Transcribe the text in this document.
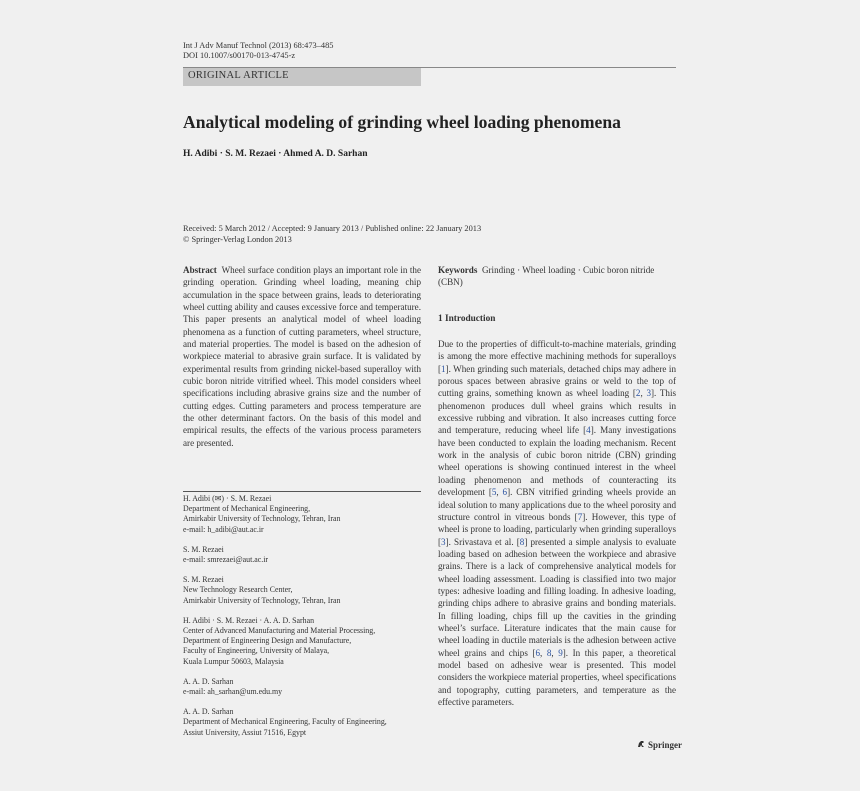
Int J Adv Manuf Technol (2013) 68:473–485
DOI 10.1007/s00170-013-4745-z
ORIGINAL ARTICLE
Analytical modeling of grinding wheel loading phenomena
H. Adibi · S. M. Rezaei · Ahmed A. D. Sarhan
Received: 5 March 2012 / Accepted: 9 January 2013 / Published online: 22 January 2013
© Springer-Verlag London 2013
Abstract Wheel surface condition plays an important role in the grinding operation. Grinding wheel loading, meaning chip accumulation in the space between grains, leads to deteriorating wheel cutting ability and causes excessive force and temperature. This paper presents an analytical model of wheel loading phenomena as a function of cutting parameters, wheel structure, and material properties. The model is based on the adhesion of workpiece material to abrasive grain surface. It is validated by experimental results from grinding nickel-based superalloy with cubic boron nitride vitrified wheel. This model considers wheel specifications including abrasive grains size and the number of cutting edges. Cutting parameters and process temperature are the other determinant factors. On the basis of this model and empirical results, the effects of the various process parameters are presented.
H. Adibi (✉) · S. M. Rezaei
Department of Mechanical Engineering,
Amirkabir University of Technology, Tehran, Iran
e-mail: h_adibi@aut.ac.ir
S. M. Rezaei
e-mail: smrezaei@aut.ac.ir
S. M. Rezaei
New Technology Research Center,
Amirkabir University of Technology, Tehran, Iran
H. Adibi · S. M. Rezaei · A. A. D. Sarhan
Center of Advanced Manufacturing and Material Processing,
Department of Engineering Design and Manufacture,
Faculty of Engineering, University of Malaya,
Kuala Lumpur 50603, Malaysia
A. A. D. Sarhan
e-mail: ah_sarhan@um.edu.my
A. A. D. Sarhan
Department of Mechanical Engineering, Faculty of Engineering,
Assiut University, Assiut 71516, Egypt
Keywords Grinding · Wheel loading · Cubic boron nitride (CBN)
1 Introduction
Due to the properties of difficult-to-machine materials, grinding is among the more effective machining methods for superalloys [1]. When grinding such materials, detached chips may adhere in porous spaces between abrasive grains or weld to the top of cutting grains, something known as wheel loading [2, 3]. This phenomenon produces dull wheel grains which results in excessive rubbing and vibration. It also increases cutting force and temperature, reducing wheel life [4]. Many investigations have been conducted to explain the loading mechanism. Recent work in the analysis of cubic boron nitride (CBN) grinding wheel operations is showing continued interest in the wheel loading phenomenon and methods of counteracting its development [5, 6]. CBN vitrified grinding wheels provide an ideal solution to many applications due to the wheel porosity and structure control in vitreous bonds [7]. However, this type of wheel is prone to loading, particularly when grinding superalloys [3]. Srivastava et al. [8] presented a simple analysis to evaluate loading based on adhesion between the workpiece and abrasive grains. There is a lack of comprehensive analytical models for wheel loading assessment. Loading is classified into two major types: adhesive loading and filling loading. In adhesive loading, grinding chips adhere to abrasive grains and bonding materials. In filling loading, chips fill up the cavities in the grinding wheel’s surface. Literature indicates that the main cause for wheel loading in ductile materials is the adhesion between active wheel grains and chips [6, 8, 9]. In this paper, a theoretical model based on adhesive wear is presented. This model considers the workpiece material properties, wheel specifications and topography, cutting parameters, and temperature as the effective parameters.
Springer
